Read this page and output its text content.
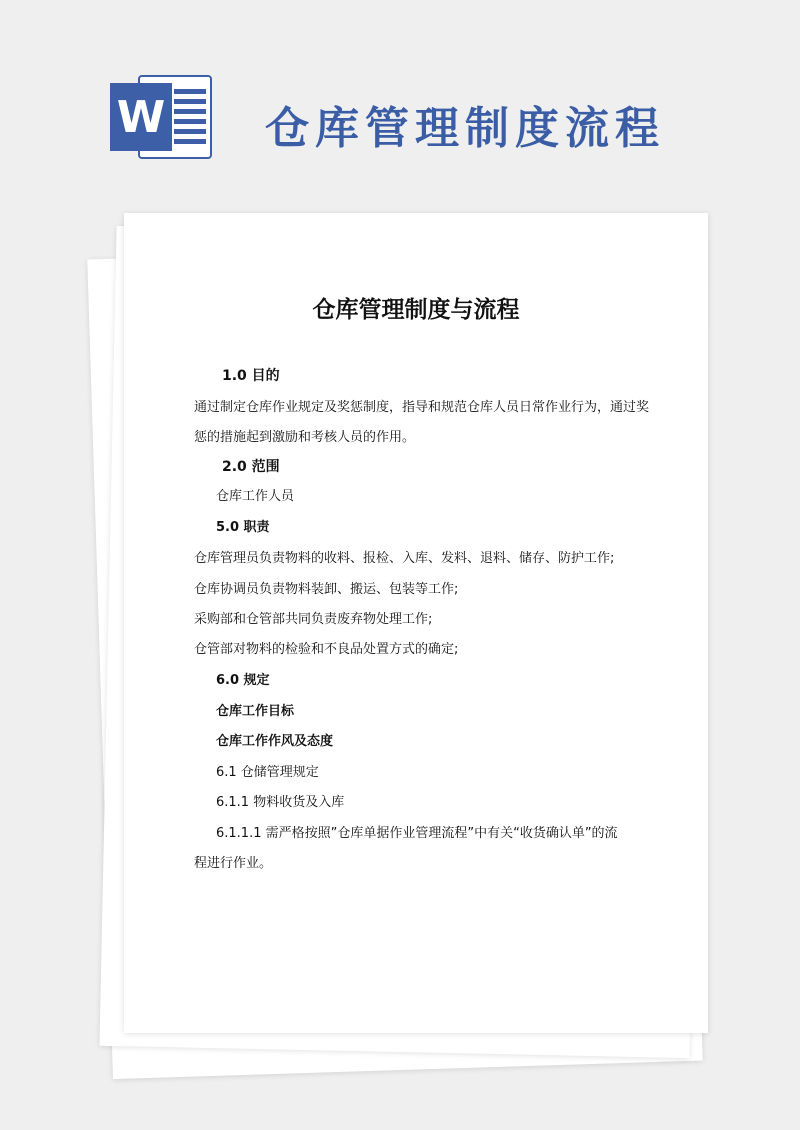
W 仓库管理制度流程
仓库管理制度与流程
1.0 目的
通过制定仓库作业规定及奖惩制度，指导和规范仓库人员日常作业行为，通过奖
惩的措施起到激励和考核人员的作用。
2.0 范围
仓库工作人员
5.0 职责
仓库管理员负责物料的收料、报检、入库、发料、退料、储存、防护工作;
仓库协调员负责物料装卸、搬运、包装等工作;
采购部和仓管部共同负责废弃物处理工作;
仓管部对物料的检验和不良品处置方式的确定;
6.0 规定
仓库工作目标
仓库工作作风及态度
6.1 仓储管理规定
6.1.1 物料收货及入库
6.1.1.1 需严格按照”仓库单据作业管理流程”中有关“收货确认单”的流
程进行作业。
